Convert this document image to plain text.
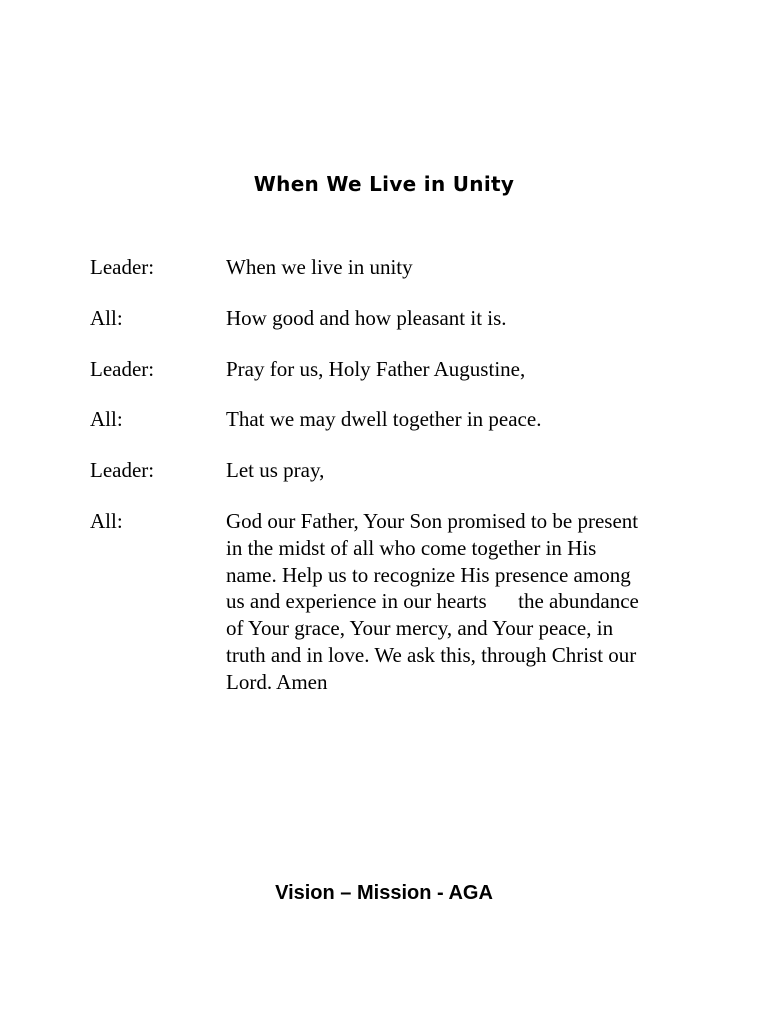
When We Live in Unity
Leader:	When we live in unity
All:	How good and how pleasant it is.
Leader:	Pray for us, Holy Father Augustine,
All:	That we may dwell together in peace.
Leader:	Let us pray,
All:	God our Father, Your Son promised to be present
in the midst of all who come together in His
name. Help us to recognize His presence among
us and experience in our hearts      the abundance
of Your grace, Your mercy, and Your peace, in
truth and in love. We ask this, through Christ our
Lord. Amen

Vision – Mission - AGA
